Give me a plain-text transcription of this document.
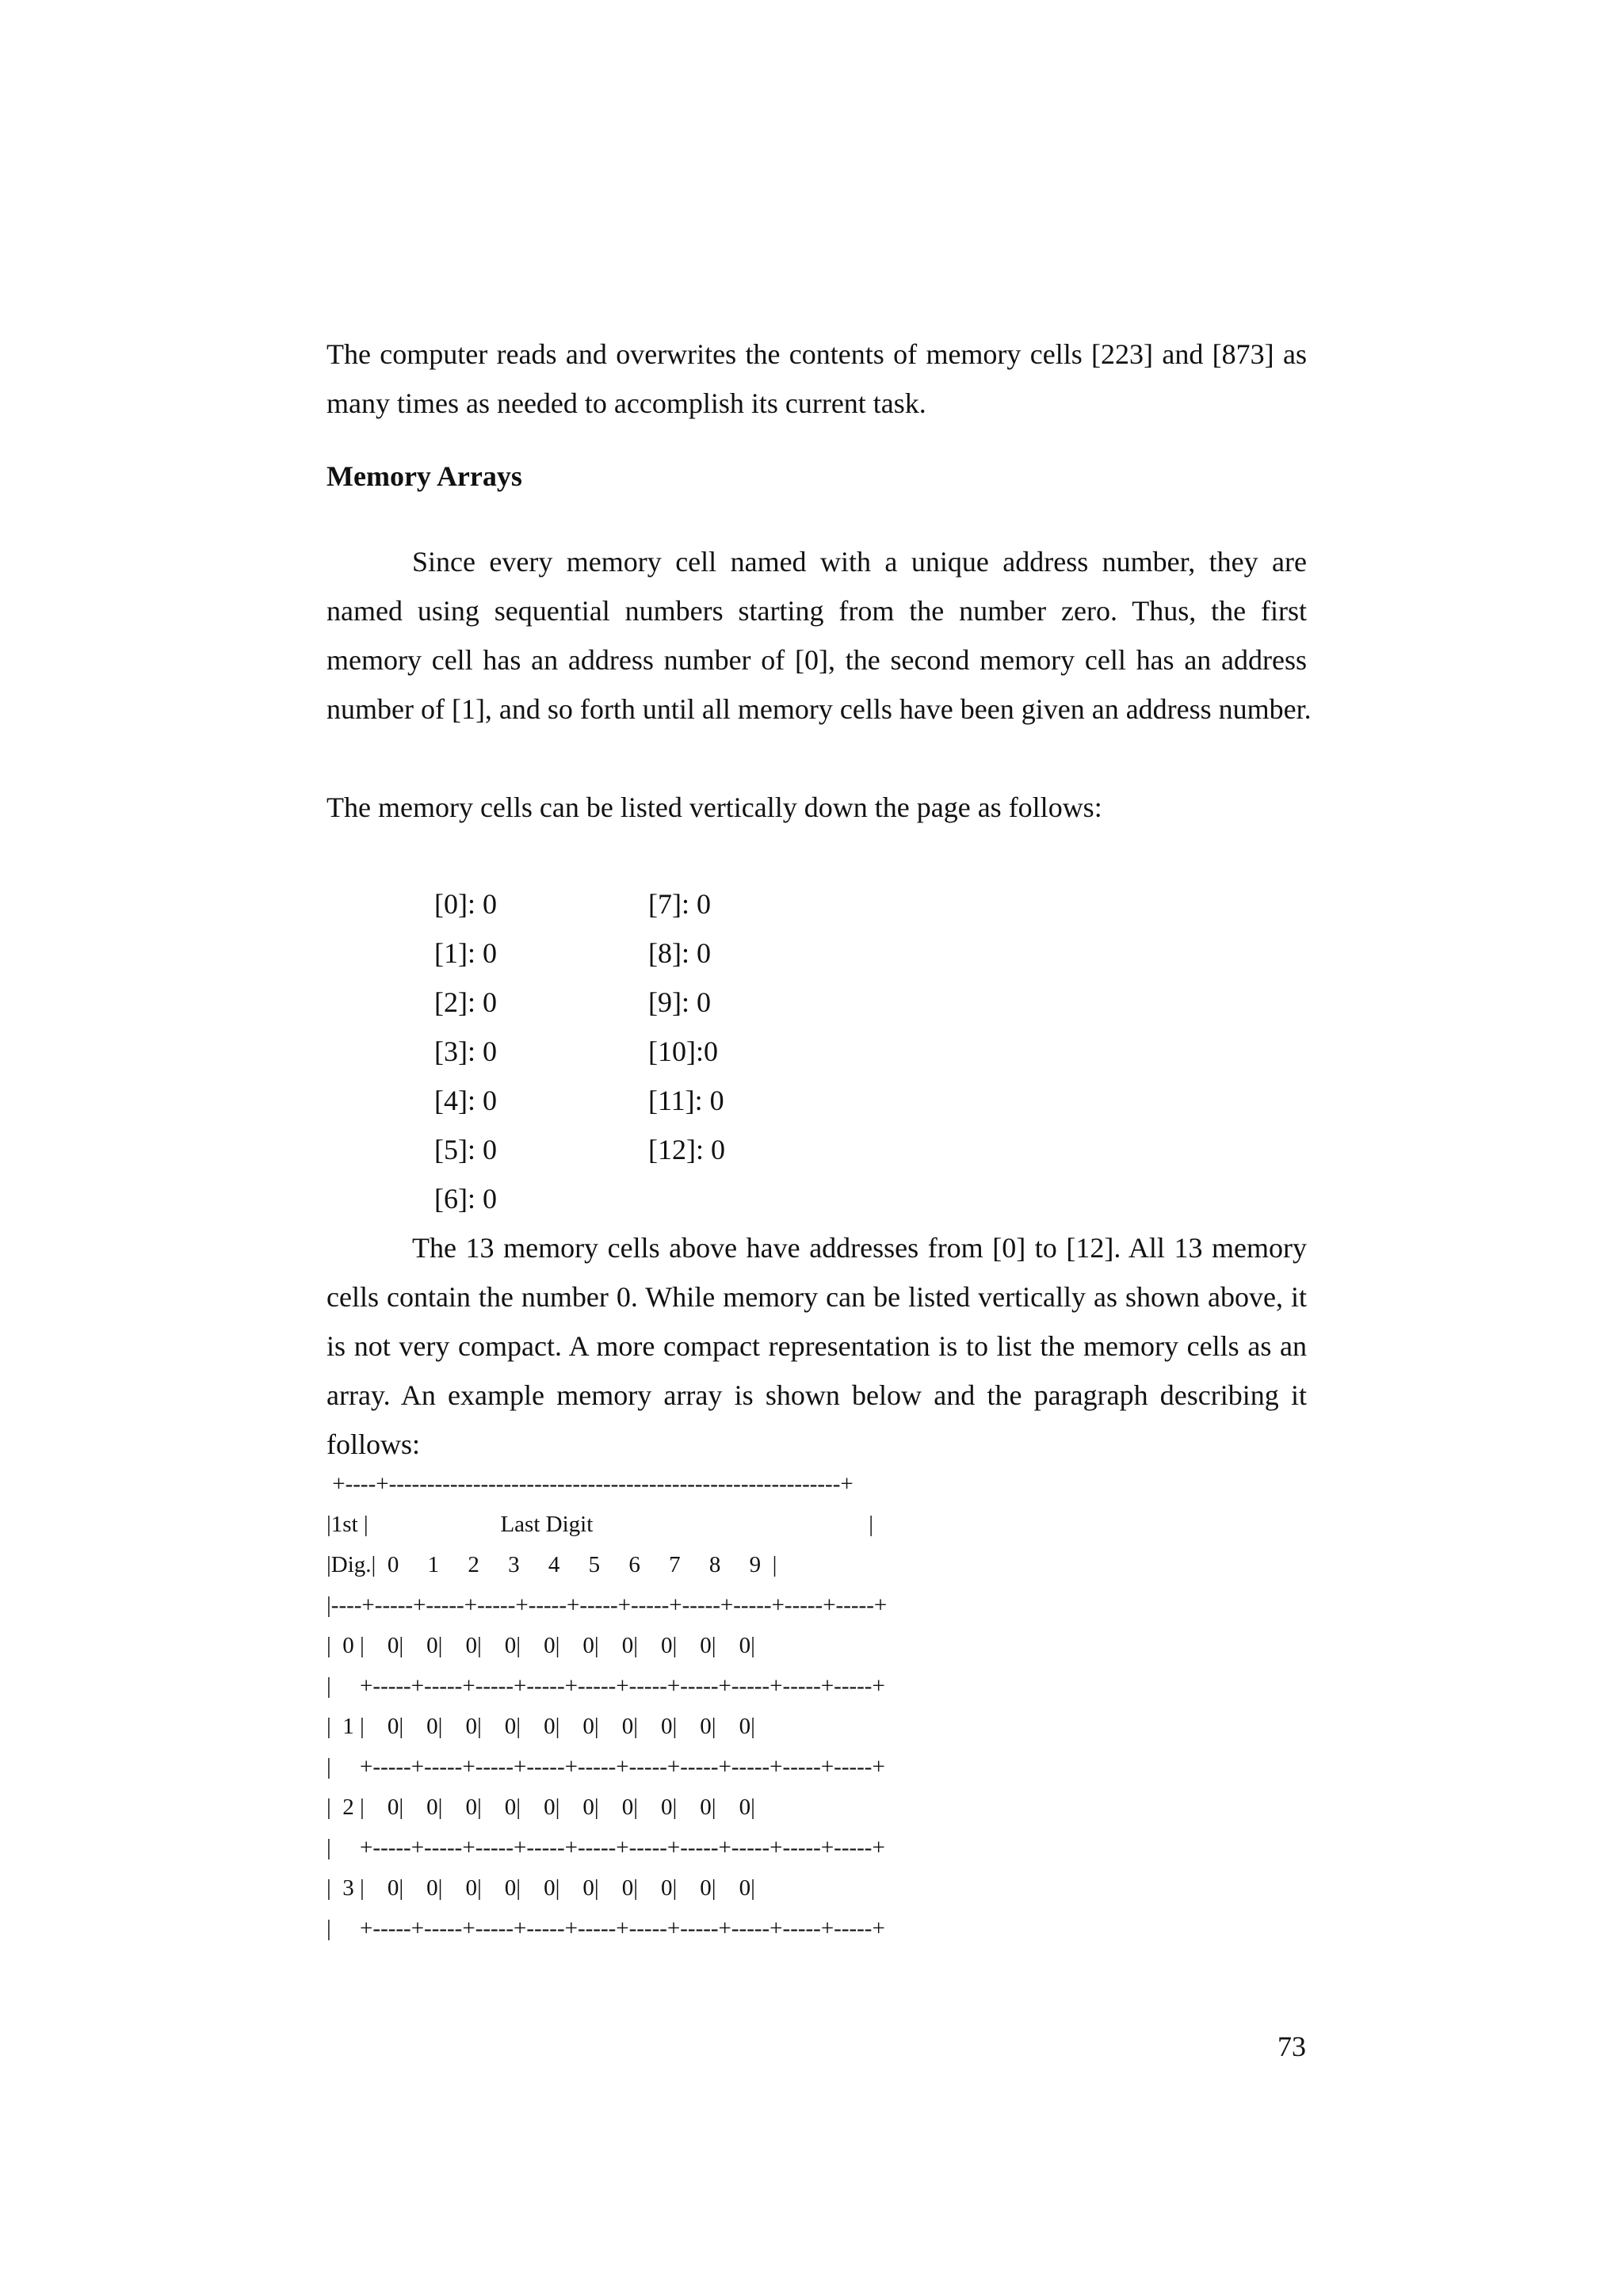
The computer reads and overwrites the contents of memory cells [223] and [873] as
many times as needed to accomplish its current task.

Memory Arrays

Since every memory cell named with a unique address number, they are
named using sequential numbers starting from the number zero. Thus, the first
memory cell has an address number of [0], the second memory cell has an address
number of [1], and so forth until all memory cells have been given an address number.

The memory cells can be listed vertically down the page as follows:

[0]: 0
[1]: 0
[2]: 0
[3]: 0
[4]: 0
[5]: 0
[6]: 0
[7]: 0
[8]: 0
[9]: 0
[10]:0
[11]: 0
[12]: 0

The 13 memory cells above have addresses from [0] to [12]. All 13 memory
cells contain the number 0. While memory can be listed vertically as shown above, it
is not very compact. A more compact representation is to list the memory cells as an
array. An example memory array is shown below and the paragraph describing it
follows:

+----+-----------------------------------------------------------+
|1st |                       Last Digit                                                |
|Dig.|  0     1     2     3     4     5     6     7     8     9  |
|----+-----+-----+-----+-----+-----+-----+-----+-----+-----+-----+
|  0 |    0|    0|    0|    0|    0|    0|    0|    0|    0|    0|
|     +-----+-----+-----+-----+-----+-----+-----+-----+-----+-----+
|  1 |    0|    0|    0|    0|    0|    0|    0|    0|    0|    0|
|     +-----+-----+-----+-----+-----+-----+-----+-----+-----+-----+
|  2 |    0|    0|    0|    0|    0|    0|    0|    0|    0|    0|
|     +-----+-----+-----+-----+-----+-----+-----+-----+-----+-----+
|  3 |    0|    0|    0|    0|    0|    0|    0|    0|    0|    0|
|     +-----+-----+-----+-----+-----+-----+-----+-----+-----+-----+

73
